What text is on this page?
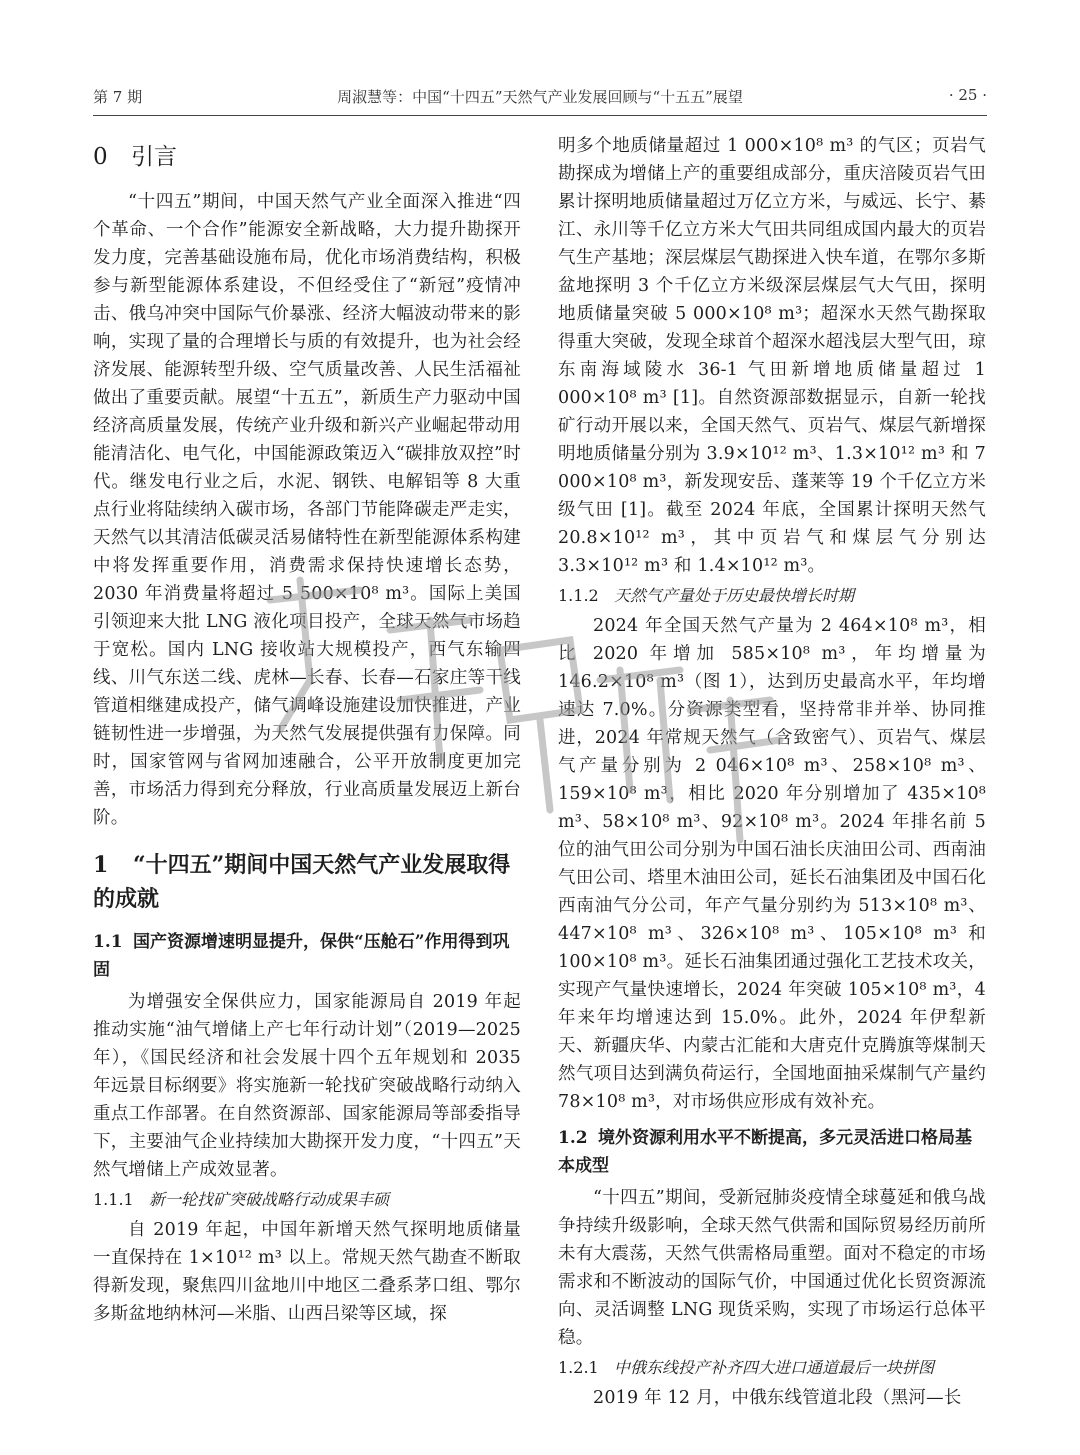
第 7 期	周淑慧等：中国“十四五”天然气产业发展回顾与“十五五”展望	· 25 ·
0 引言

“十四五”期间，中国天然气产业全面深入推进“四个革命、一个合作”能源安全新战略，大力提升勘探开发力度，完善基础设施布局，优化市场消费结构，积极参与新型能源体系建设，不但经受住了“新冠”疫情冲击、俄乌冲突中国际气价暴涨、经济大幅波动带来的影响，实现了量的合理增长与质的有效提升，也为社会经济发展、能源转型升级、空气质量改善、人民生活福祉做出了重要贡献。展望“十五五”，新质生产力驱动中国经济高质量发展，传统产业升级和新兴产业崛起带动用能清洁化、电气化，中国能源政策迈入“碳排放双控”时代。继发电行业之后，水泥、钢铁、电解铝等 8 大重点行业将陆续纳入碳市场，各部门节能降碳走严走实，天然气以其清洁低碳灵活易储特性在新型能源体系构建中将发挥重要作用，消费需求保持快速增长态势，2030 年消费量将超过 5 500×10⁸ m³。国际上美国引领迎来大批 LNG 液化项目投产，全球天然气市场趋于宽松。国内 LNG 接收站大规模投产，西气东输四线、川气东送二线、虎林—长春、长春—石家庄等干线管道相继建成投产，储气调峰设施建设加快推进，产业链韧性进一步增强，为天然气发展提供强有力保障。同时，国家管网与省网加速融合，公平开放制度更加完善，市场活力得到充分释放，行业高质量发展迈上新台阶。

1 “十四五”期间中国天然气产业发展取得的成就
1.1 国产资源增速明显提升，保供“压舱石”作用得到巩固

为增强安全保供应力，国家能源局自 2019 年起推动实施“油气增储上产七年行动计划”（2019—2025 年），《国民经济和社会发展十四个五年规划和 2035 年远景目标纲要》将实施新一轮找矿突破战略行动纳入重点工作部署。在自然资源部、国家能源局等部委指导下，主要油气企业持续加大勘探开发力度，“十四五”天然气增储上产成效显著。

1.1.1 新一轮找矿突破战略行动成果丰硕

自 2019 年起，中国年新增天然气探明地质储量一直保持在 1×10¹² m³ 以上。常规天然气勘查不断取得新发现，聚焦四川盆地川中地区二叠系茅口组、鄂尔多斯盆地纳林河—米脂、山西吕梁等区域，探

明多个地质储量超过 1 000×10⁸ m³ 的气区；页岩气勘探成为增储上产的重要组成部分，重庆涪陵页岩气田累计探明地质储量超过万亿立方米，与威远、长宁、綦江、永川等千亿立方米大气田共同组成国内最大的页岩气生产基地；深层煤层气勘探进入快车道，在鄂尔多斯盆地探明 3 个千亿立方米级深层煤层气大气田，探明地质储量突破 5 000×10⁸ m³；超深水天然气勘探取得重大突破，发现全球首个超深水超浅层大型气田，琼东南海域陵水 36-1 气田新增地质储量超过 1 000×10⁸ m³ [1]。自然资源部数据显示，自新一轮找矿行动开展以来，全国天然气、页岩气、煤层气新增探明地质储量分别为 3.9×10¹² m³、1.3×10¹² m³ 和 7 000×10⁸ m³，新发现安岳、蓬莱等 19 个千亿立方米级气田 [1]。截至 2024 年底，全国累计探明天然气 20.8×10¹² m³，其中页岩气和煤层气分别达 3.3×10¹² m³ 和 1.4×10¹² m³。

1.1.2 天然气产量处于历史最快增长时期

2024 年全国天然气产量为 2 464×10⁸ m³，相比 2020 年增加 585×10⁸ m³，年均增量为 146.2×10⁸ m³（图 1），达到历史最高水平，年均增速达 7.0%。分资源类型看，坚持常非并举、协同推进，2024 年常规天然气（含致密气）、页岩气、煤层气产量分别为 2 046×10⁸ m³、258×10⁸ m³、159×10⁸ m³，相比 2020 年分别增加了 435×10⁸ m³、58×10⁸ m³、92×10⁸ m³。2024 年排名前 5 位的油气田公司分别为中国石油长庆油田公司、西南油气田公司、塔里木油田公司，延长石油集团及中国石化西南油气分公司，年产气量分别约为 513×10⁸ m³、447×10⁸ m³、326×10⁸ m³、105×10⁸ m³ 和 100×10⁸ m³。延长石油集团通过强化工艺技术攻关，实现产气量快速增长，2024 年突破 105×10⁸ m³，4 年来年均增速达到 15.0%。此外，2024 年伊犁新天、新疆庆华、内蒙古汇能和大唐克什克腾旗等煤制天然气项目达到满负荷运行，全国地面抽采煤制气产量约 78×10⁸ m³，对市场供应形成有效补充。

1.2 境外资源利用水平不断提高，多元灵活进口格局基本成型

“十四五”期间，受新冠肺炎疫情全球蔓延和俄乌战争持续升级影响，全球天然气供需和国际贸易经历前所未有大震荡，天然气供需格局重塑。面对不稳定的市场需求和不断波动的国际气价，中国通过优化长贸资源流向、灵活调整 LNG 现货采购，实现了市场运行总体平稳。

1.2.1 中俄东线投产补齐四大进口通道最后一块拼图

2019 年 12 月，中俄东线管道北段（黑河—长
